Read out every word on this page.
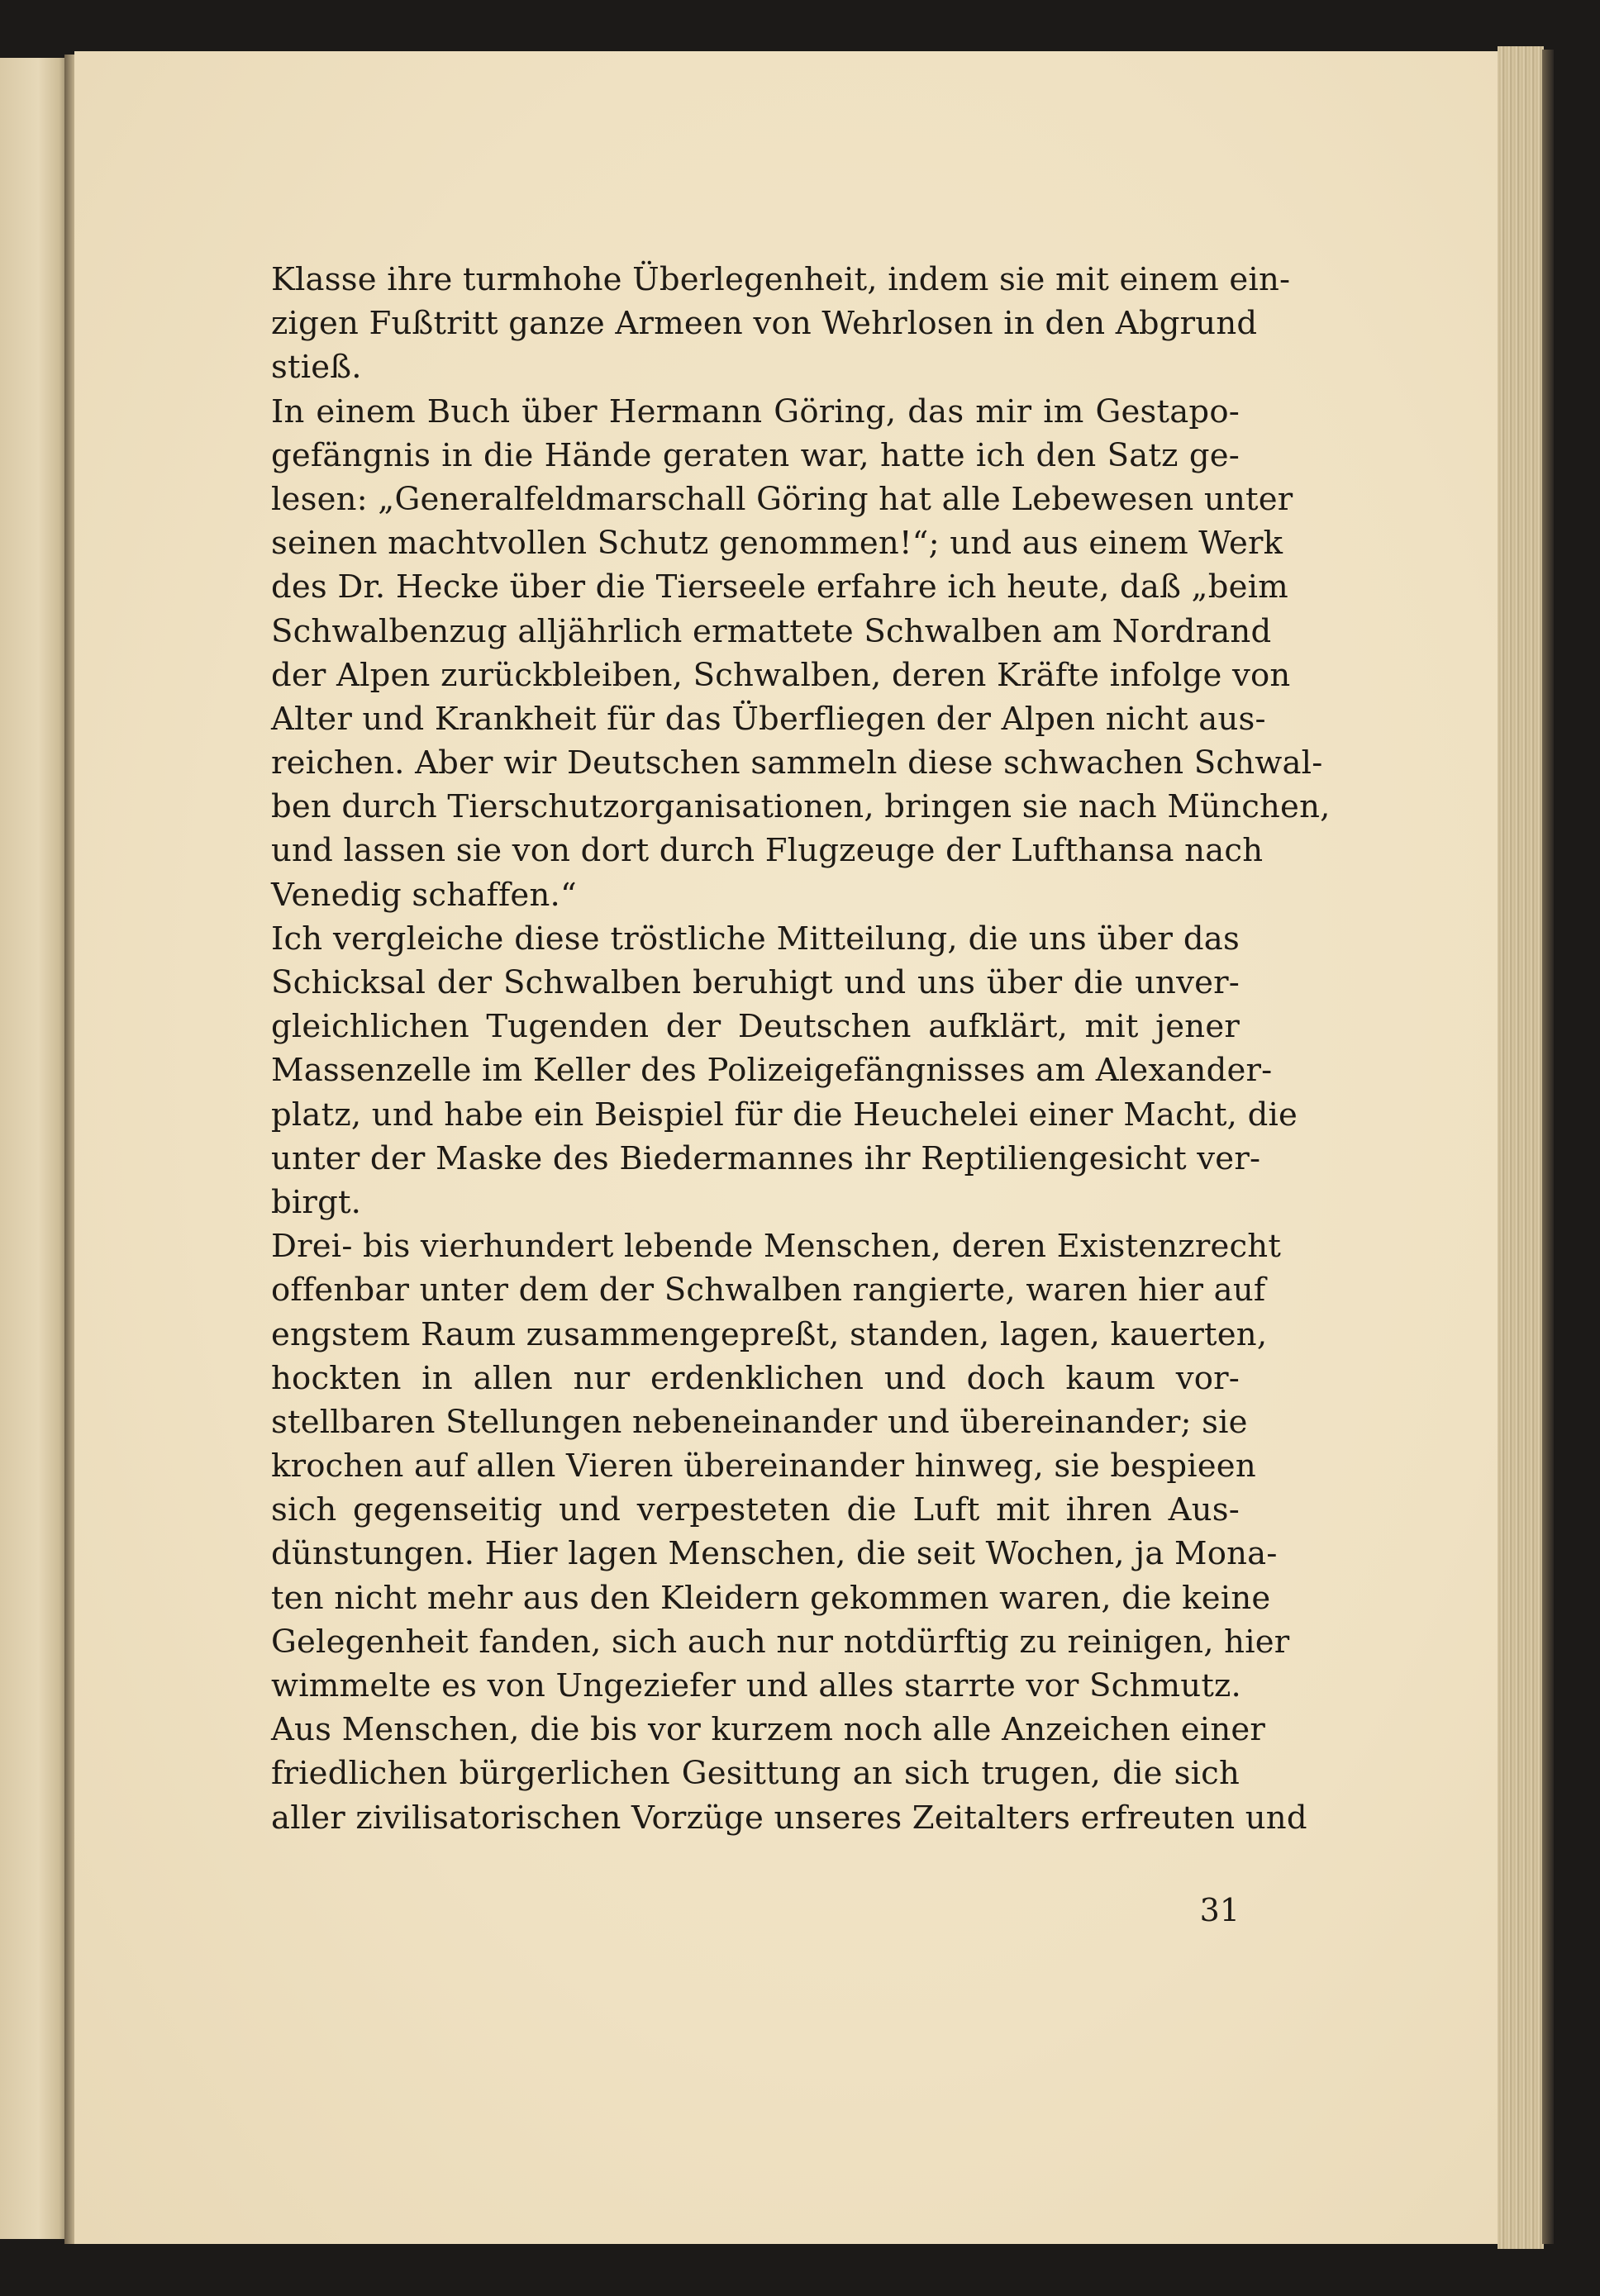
Klasse ihre turmhohe Überlegenheit, indem sie mit einem ein-
zigen Fußtritt ganze Armeen von Wehrlosen in den Abgrund
stieß.
In einem Buch über Hermann Göring, das mir im Gestapo-
gefängnis in die Hände geraten war, hatte ich den Satz ge-
lesen: „Generalfeldmarschall Göring hat alle Lebewesen unter
seinen machtvollen Schutz genommen!“; und aus einem Werk
des Dr. Hecke über die Tierseele erfahre ich heute, daß „beim
Schwalbenzug alljährlich ermattete Schwalben am Nordrand
der Alpen zurückbleiben, Schwalben, deren Kräfte infolge von
Alter und Krankheit für das Überfliegen der Alpen nicht aus-
reichen. Aber wir Deutschen sammeln diese schwachen Schwal-
ben durch Tierschutzorganisationen, bringen sie nach München,
und lassen sie von dort durch Flugzeuge der Lufthansa nach
Venedig schaffen.“
Ich vergleiche diese tröstliche Mitteilung, die uns über das
Schicksal der Schwalben beruhigt und uns über die unver-
gleichlichen Tugenden der Deutschen aufklärt, mit jener
Massenzelle im Keller des Polizeigefängnisses am Alexander-
platz, und habe ein Beispiel für die Heuchelei einer Macht, die
unter der Maske des Biedermannes ihr Reptiliengesicht ver-
birgt.
Drei- bis vierhundert lebende Menschen, deren Existenzrecht
offenbar unter dem der Schwalben rangierte, waren hier auf
engstem Raum zusammengepreßt, standen, lagen, kauerten,
hockten in allen nur erdenklichen und doch kaum vor-
stellbaren Stellungen nebeneinander und übereinander; sie
krochen auf allen Vieren übereinander hinweg, sie bespieen
sich gegenseitig und verpesteten die Luft mit ihren Aus-
dünstungen. Hier lagen Menschen, die seit Wochen, ja Mona-
ten nicht mehr aus den Kleidern gekommen waren, die keine
Gelegenheit fanden, sich auch nur notdürftig zu reinigen, hier
wimmelte es von Ungeziefer und alles starrte vor Schmutz.
Aus Menschen, die bis vor kurzem noch alle Anzeichen einer
friedlichen bürgerlichen Gesittung an sich trugen, die sich
aller zivilisatorischen Vorzüge unseres Zeitalters erfreuten und
31
